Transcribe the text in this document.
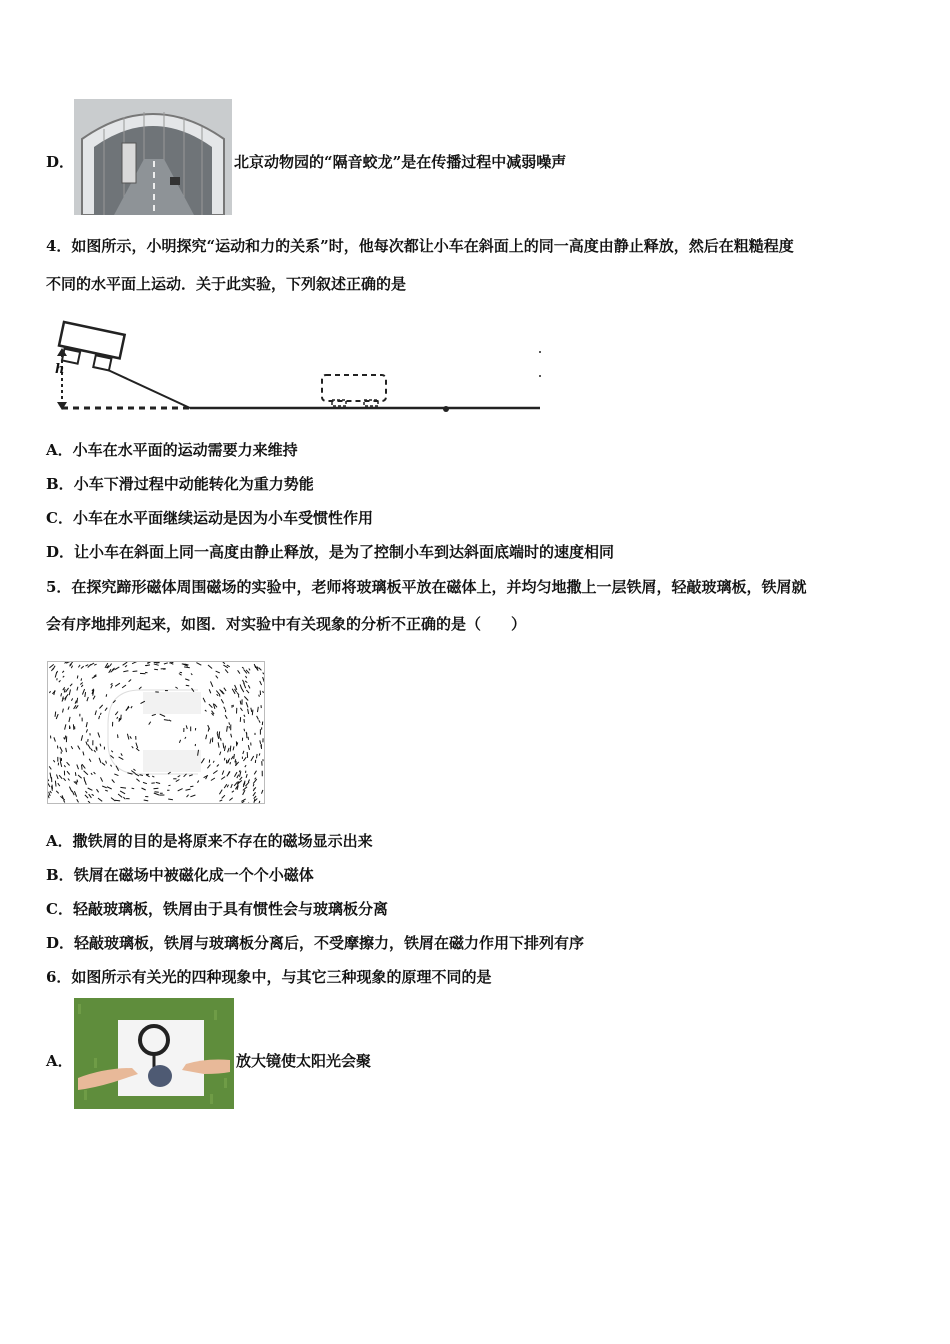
D．	北京动物园的“隔音蛟龙”是在传播过程中减弱噪声
4．如图所示，小明探究“运动和力的关系”时，他每次都让小车在斜面上的同一高度由静止释放，然后在粗糙程度
不同的水平面上运动．关于此实验，下列叙述正确的是
h
A．小车在水平面的运动需要力来维持
B．小车下滑过程中动能转化为重力势能
C．小车在水平面继续运动是因为小车受惯性作用
D．让小车在斜面上同一高度由静止释放，是为了控制小车到达斜面底端时的速度相同
5．在探究蹄形磁体周围磁场的实验中，老师将玻璃板平放在磁体上，并均匀地撒上一层铁屑，轻敲玻璃板，铁屑就
会有序地排列起来，如图．对实验中有关现象的分析不正确的是（　　）
A．撒铁屑的目的是将原来不存在的磁场显示出来
B．铁屑在磁场中被磁化成一个个小磁体
C．轻敲玻璃板，铁屑由于具有惯性会与玻璃板分离
D．轻敲玻璃板，铁屑与玻璃板分离后，不受摩擦力，铁屑在磁力作用下排列有序
6．如图所示有关光的四种现象中，与其它三种现象的原理不同的是
A．	放大镜使太阳光会聚
